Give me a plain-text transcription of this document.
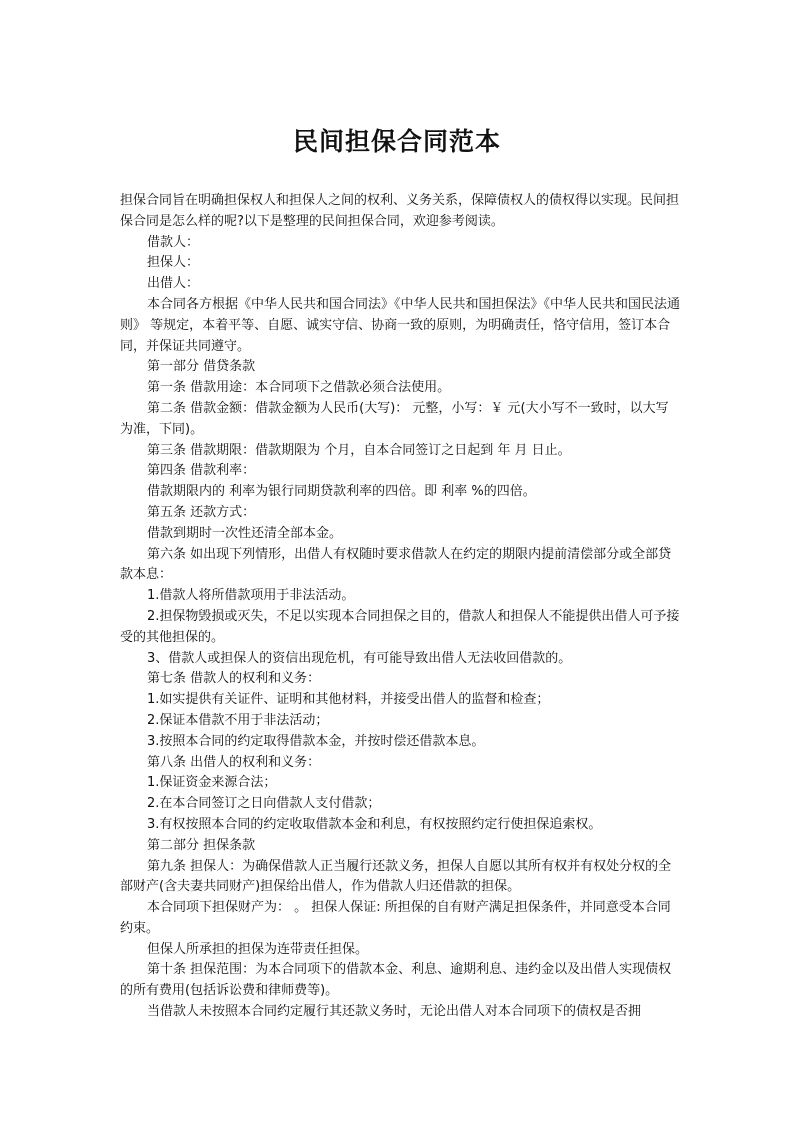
民间担保合同范本

担保合同旨在明确担保权人和担保人之间的权利、义务关系，保障债权人的债权得以实现。民间担保合同是怎么样的呢?以下是整理的民间担保合同，欢迎参考阅读。

借款人：

担保人：

出借人：

本合同各方根据《中华人民共和国合同法》《中华人民共和国担保法》《中华人民共和国民法通则》 等规定，本着平等、自愿、诚实守信、协商一致的原则，为明确责任，恪守信用，签订本合同，并保证共同遵守。

第一部分 借贷条款

第一条 借款用途：本合同项下之借款必须合法使用。

第二条 借款金额：借款金额为人民币(大写)： 元整，小写：￥ 元(大小写不一致时，以大写为准，下同)。

第三条 借款期限：借款期限为 个月，自本合同签订之日起到 年 月 日止。

第四条 借款利率：

借款期限内的 利率为银行同期贷款利率的四倍。即 利率 %的四倍。

第五条 还款方式：

借款到期时一次性还清全部本金。

第六条 如出现下列情形，出借人有权随时要求借款人在约定的期限内提前清偿部分或全部贷款本息：

1.借款人将所借款项用于非法活动。

2.担保物毁损或灭失，不足以实现本合同担保之目的，借款人和担保人不能提供出借人可予接受的其他担保的。

3、借款人或担保人的资信出现危机，有可能导致出借人无法收回借款的。

第七条 借款人的权利和义务：

1.如实提供有关证件、证明和其他材料，并接受出借人的监督和检查；

2.保证本借款不用于非法活动；

3.按照本合同的约定取得借款本金，并按时偿还借款本息。

第八条 出借人的权利和义务：

1.保证资金来源合法；

2.在本合同签订之日向借款人支付借款；

3.有权按照本合同的约定收取借款本金和利息，有权按照约定行使担保追索权。

第二部分 担保条款

第九条 担保人：为确保借款人正当履行还款义务，担保人自愿以其所有权并有权处分权的全部财产(含夫妻共同财产)担保给出借人，作为借款人归还借款的担保。

本合同项下担保财产为： 。 担保人保证: 所担保的自有财产满足担保条件，并同意受本合同约束。

但保人所承担的担保为连带责任担保。

第十条 担保范围：为本合同项下的借款本金、利息、逾期利息、违约金以及出借人实现债权的所有费用(包括诉讼费和律师费等)。

当借款人未按照本合同约定履行其还款义务时，无论出借人对本合同项下的债权是否拥
